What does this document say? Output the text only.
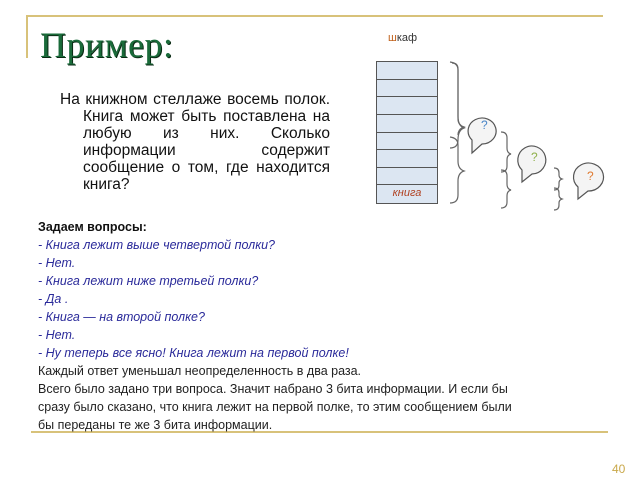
Пример:

На книжном стеллаже восемь полок. Книга может быть поставлена на любую из них. Сколько информации содержит сообщение о том, где находится книга?

шкаф
книга
?
?
?
Задаем вопросы:
- Книга лежит выше четвертой полки?
- Нет.
- Книга лежит ниже третьей полки?
- Да .
- Книга — на второй полке?
- Нет.
- Ну теперь все ясно! Книга лежит на первой полке!
Каждый ответ уменьшал неопределенность в два раза.
Всего было задано три вопроса. Значит набрано 3 бита информации. И если бы
сразу было сказано, что книга лежит на первой полке, то этим сообщением были
бы переданы те же 3 бита информации.
40
